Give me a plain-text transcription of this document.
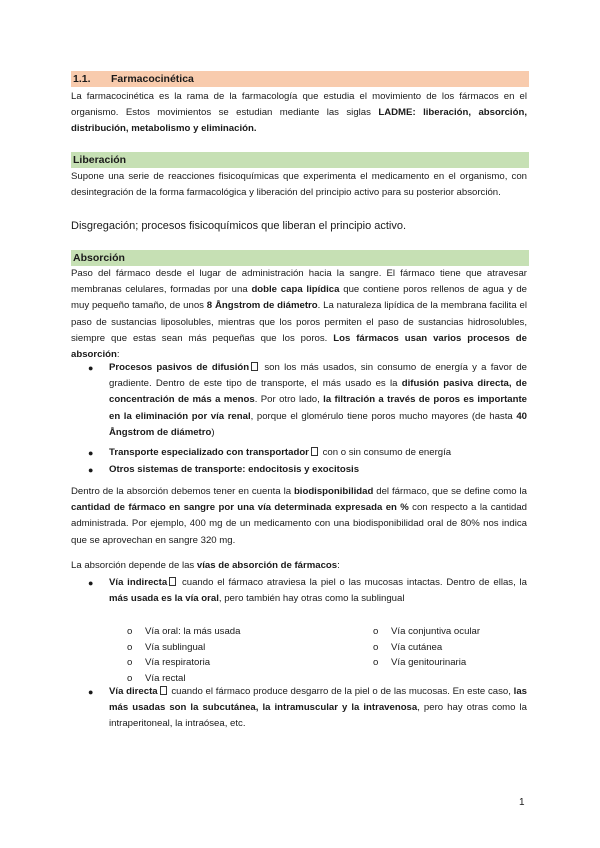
1.1. Farmacocinética

La farmacocinética es la rama de la farmacología que estudia el movimiento de los fármacos en el organismo. Estos movimientos se estudian mediante las siglas LADME: liberación, absorción, distribución, metabolismo y eliminación.

Liberación

Supone una serie de reacciones fisicoquímicas que experimenta el medicamento en el organismo, con desintegración de la forma farmacológica y liberación del principio activo para su posterior absorción.

Disgregación; procesos fisicoquímicos que liberan el principio activo.

Absorción

Paso del fármaco desde el lugar de administración hacia la sangre. El fármaco tiene que atravesar membranas celulares, formadas por una doble capa lipídica que contiene poros rellenos de agua y de muy pequeño tamaño, de unos 8 Ångstrom de diámetro. La naturaleza lipídica de la membrana facilita el paso de sustancias liposolubles, mientras que los poros permiten el paso de sustancias hidrosolubles, siempre que estas sean más pequeñas que los poros. Los fármacos usan varios procesos de absorción:

● Procesos pasivos de difusión son los más usados, sin consumo de energía y a favor de gradiente. Dentro de este tipo de transporte, el más usado es la difusión pasiva directa, de concentración de más a menos. Por otro lado, la filtración a través de poros es importante en la eliminación por vía renal, porque el glomérulo tiene poros mucho mayores (de hasta 40 Ångstrom de diámetro)
● Transporte especializado con transportador con o sin consumo de energía
● Otros sistemas de transporte: endocitosis y exocitosis

Dentro de la absorción debemos tener en cuenta la biodisponibilidad del fármaco, que se define como la cantidad de fármaco en sangre por una vía determinada expresada en % con respecto a la cantidad administrada. Por ejemplo, 400 mg de un medicamento con una biodisponibilidad oral de 80% nos indica que se aprovechan en sangre 320 mg.

La absorción depende de las vías de absorción de fármacos:

● Vía indirecta cuando el fármaco atraviesa la piel o las mucosas intactas. Dentro de ellas, la más usada es la vía oral, pero también hay otras como la sublingual
o Vía oral: la más usada
o Vía sublingual
o Vía respiratoria
o Vía rectal
o Vía conjuntiva ocular
o Vía cutánea
o Vía genitourinaria
● Vía directa cuando el fármaco produce desgarro de la piel o de las mucosas. En este caso, las más usadas son la subcutánea, la intramuscular y la intravenosa, pero hay otras como la intraperitoneal, la intraósea, etc.
1
